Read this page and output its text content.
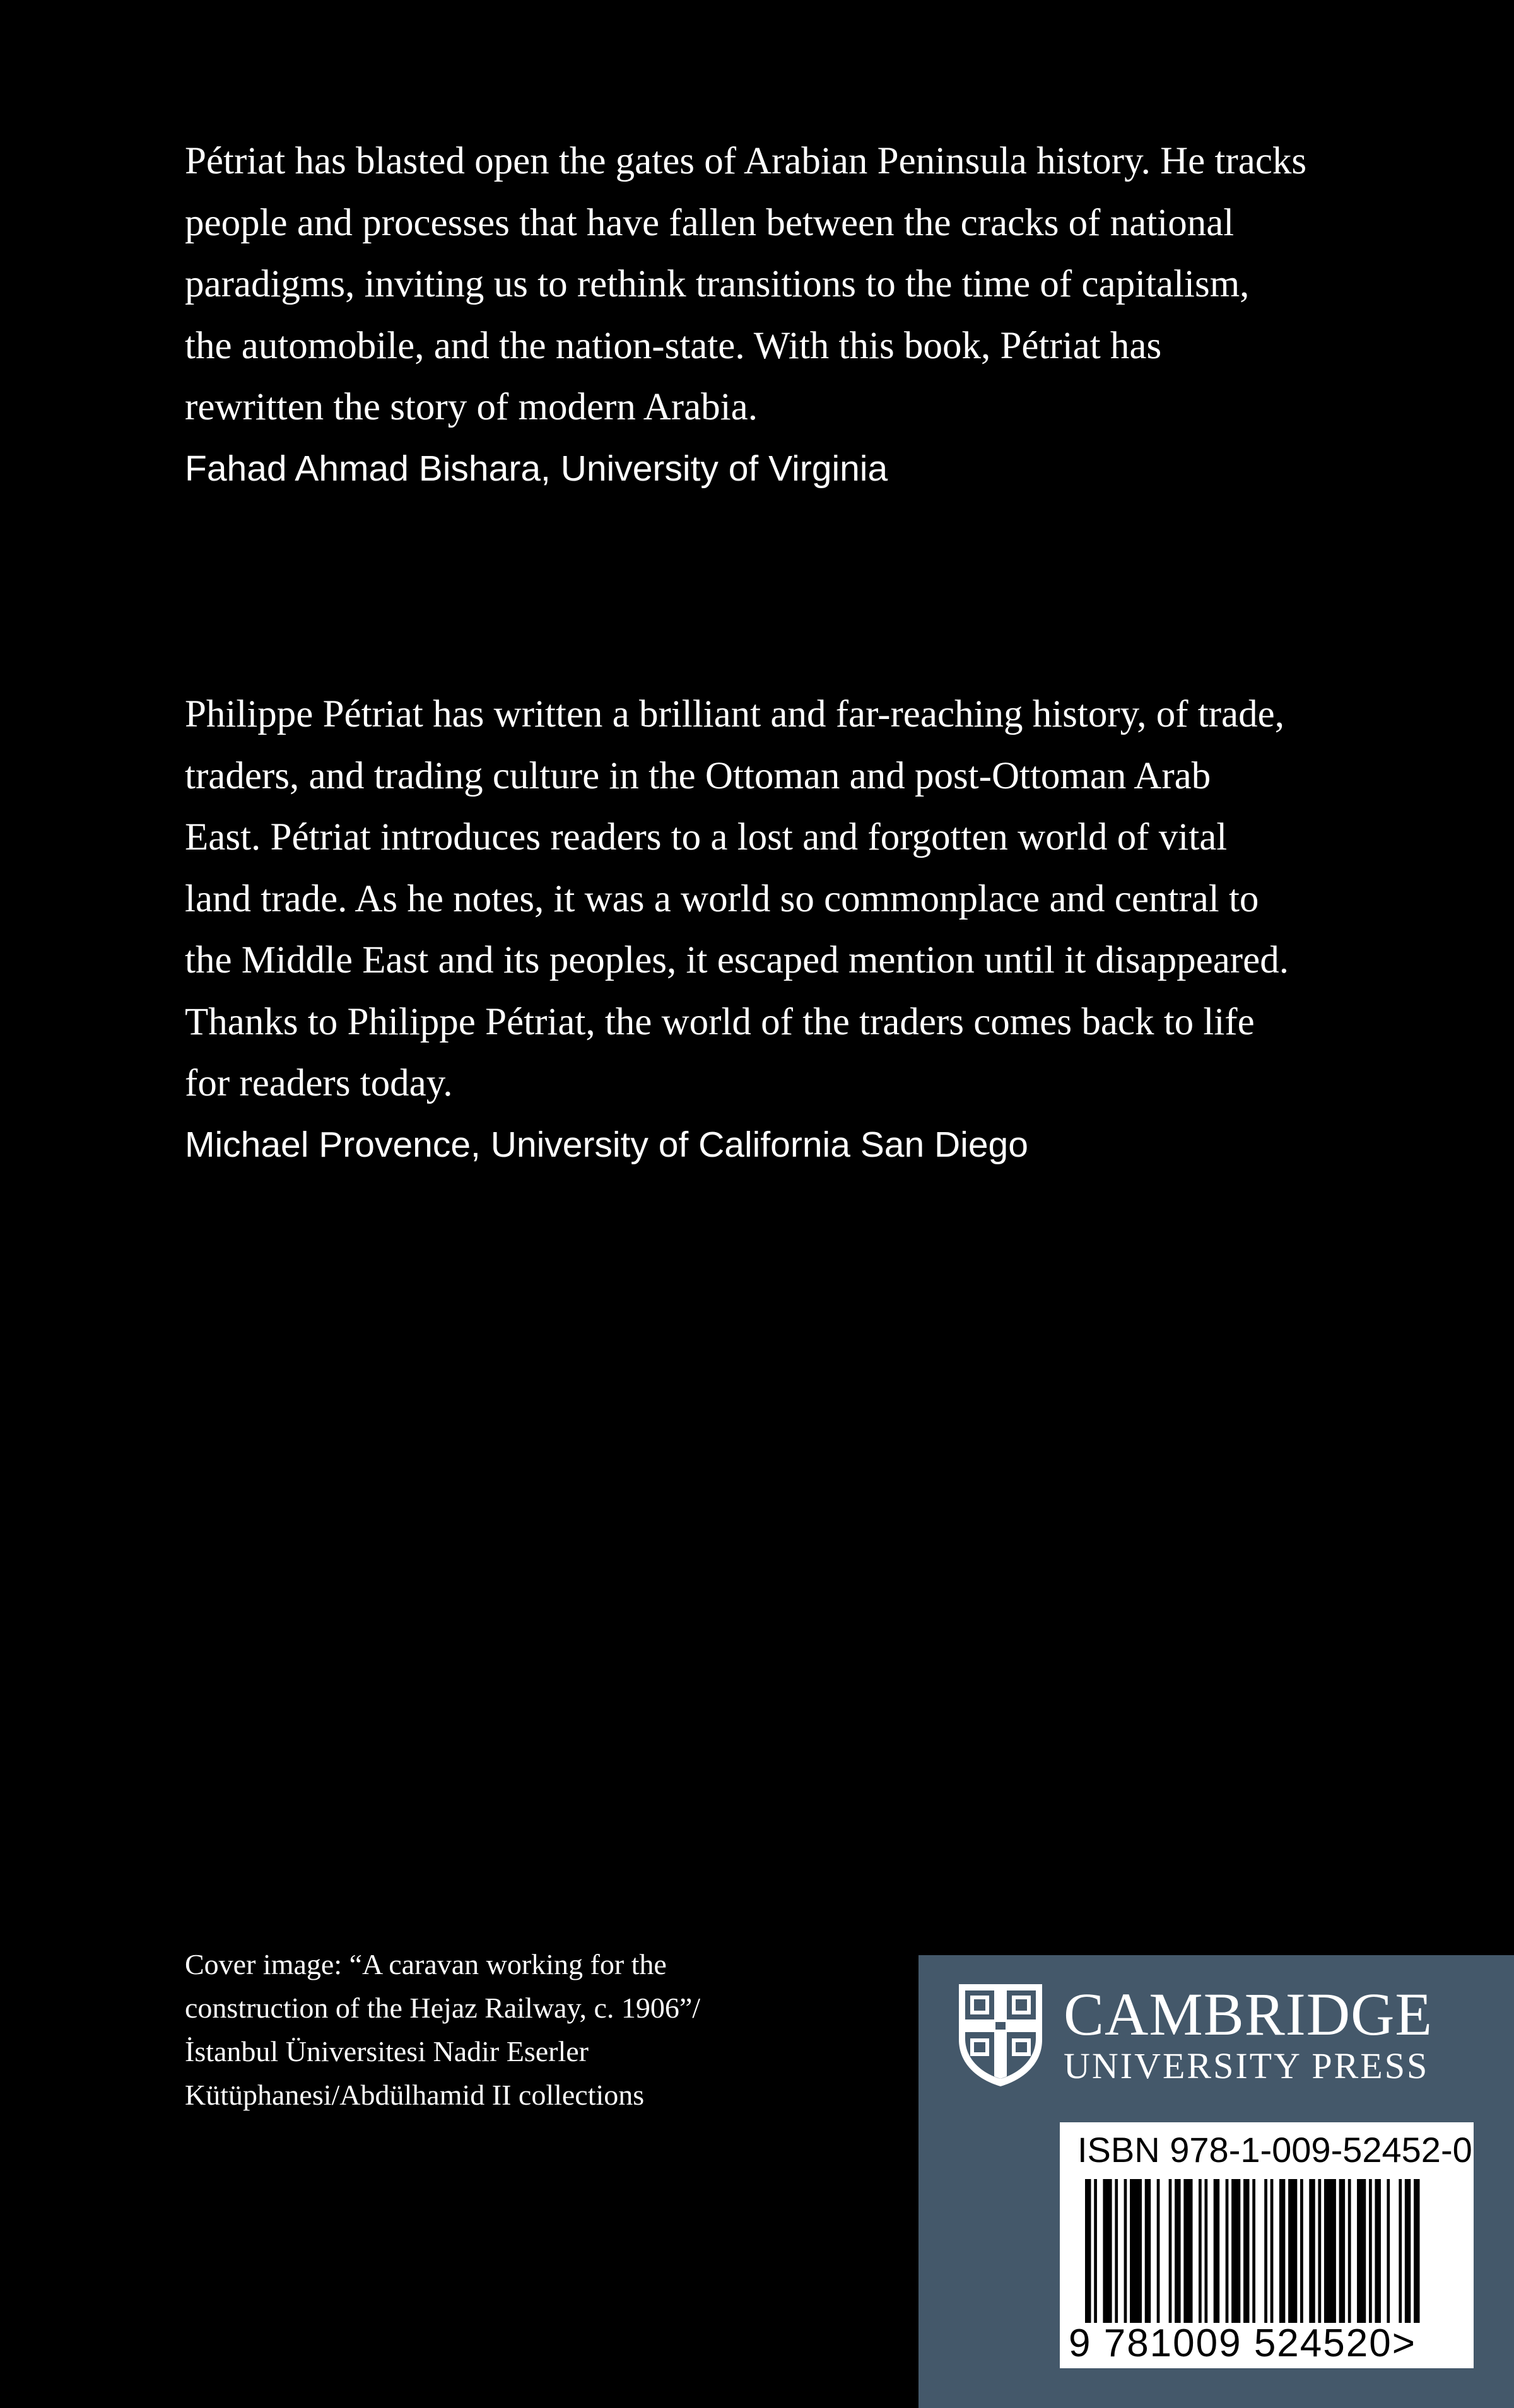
Pétriat has blasted open the gates of Arabian Peninsula history. He tracks

people and processes that have fallen between the cracks of national

paradigms, inviting us to rethink transitions to the time of capitalism,

the automobile, and the nation-state. With this book, Pétriat has

rewritten the story of modern Arabia.

Fahad Ahmad Bishara, University of Virginia

Philippe Pétriat has written a brilliant and far-reaching history, of trade,

traders, and trading culture in the Ottoman and post-Ottoman Arab

East. Pétriat introduces readers to a lost and forgotten world of vital

land trade. As he notes, it was a world so commonplace and central to

the Middle East and its peoples, it escaped mention until it disappeared.

Thanks to Philippe Pétriat, the world of the traders comes back to life

for readers today.

Michael Provence, University of California San Diego

Cover image: “A caravan working for the
construction of the Hejaz Railway, c. 1906”/
İstanbul Üniversitesi Nadir Eserler
Kütüphanesi/Abdülhamid II collections
CAMBRIDGE
UNIVERSITY PRESS
ISBN 978-1-009-52452-0
9 781009 524520>
